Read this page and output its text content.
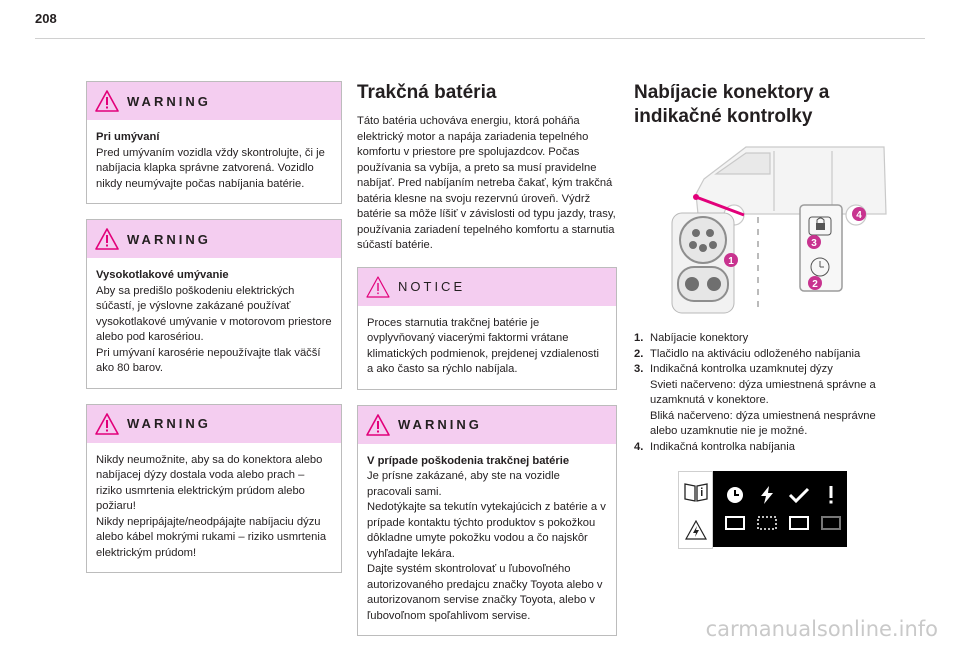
208
WARNING
Pri umývaní

Pred umývaním vozidla vždy skontrolujte, či je nabíjacia klapka správne zatvorená. Vozidlo nikdy neumývajte počas nabíjania batérie.

WARNING
Vysokotlakové umývanie

Aby sa predišlo poškodeniu elektrických súčastí, je výslovne zakázané používať vysokotlakové umývanie v motorovom priestore alebo pod karosériou.

Pri umývaní karosérie nepoužívajte tlak väčší ako 80 barov.

WARNING

Nikdy neumožnite, aby sa do konektora alebo nabíjacej dýzy dostala voda alebo prach – riziko usmrtenia elektrickým prúdom alebo požiaru!

Nikdy nepripájajte/neodpájajte nabíjaciu dýzu alebo kábel mokrými rukami – riziko usmrtenia elektrickým prúdom!

Trakčná batéria

Táto batéria uchováva energiu, ktorá poháňa elektrický motor a napája zariadenia tepelného komfortu v priestore pre spolujazdcov. Počas používania sa vybíja, a preto sa musí pravidelne nabíjať. Pred nabíjaním netreba čakať, kým trakčná batéria klesne na svoju rezervnú úroveň. Výdrž batérie sa môže líšiť v závislosti od typu jazdy, trasy, používania zariadení tepelného komfortu a starnutia súčastí batérie.

NOTICE

Proces starnutia trakčnej batérie je ovplyvňovaný viacerými faktormi vrátane klimatických podmienok, prejdenej vzdialenosti a ako často sa rýchlo nabíjala.

WARNING
V prípade poškodenia trakčnej batérie

Je prísne zakázané, aby ste na vozidle pracovali sami.

Nedotýkajte sa tekutín vytekajúcich z batérie a v prípade kontaktu týchto produktov s pokožkou dôkladne umyte pokožku vodou a čo najskôr vyhľadajte lekára.

Dajte systém skontrolovať u ľubovoľného autorizovaného predajcu značky Toyota alebo v autorizovanom servise značky Toyota, alebo v ľubovoľnom spoľahlivom servise.

Nabíjacie konektory a
indikačné kontrolky
1
2
3
4
1. Nabíjacie konektory
2. Tlačidlo na aktiváciu odloženého nabíjania
3. Indikačná kontrolka uzamknutej dýzy
Svieti načerveno: dýza umiestnená správne a uzamknutá v konektore.
Bliká načerveno: dýza umiestnená nesprávne alebo uzamknutie nie je možné.
4. Indikačná kontrolka nabíjania
carmanualsonline.info
